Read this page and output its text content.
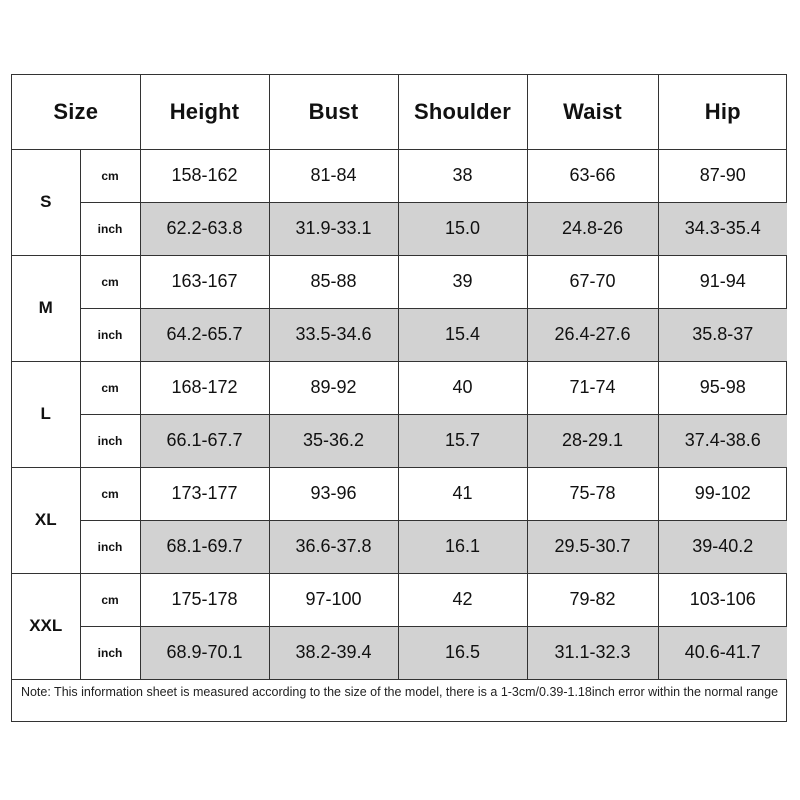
Size		Height	Bust	Shoulder	Waist	Hip
S	cm	158-162	81-84	38	63-66	87-90
	inch	62.2-63.8	31.9-33.1	15.0	24.8-26	34.3-35.4
M	cm	163-167	85-88	39	67-70	91-94
	inch	64.2-65.7	33.5-34.6	15.4	26.4-27.6	35.8-37
L	cm	168-172	89-92	40	71-74	95-98
	inch	66.1-67.7	35-36.2	15.7	28-29.1	37.4-38.6
XL	cm	173-177	93-96	41	75-78	99-102
	inch	68.1-69.7	36.6-37.8	16.1	29.5-30.7	39-40.2
XXL	cm	175-178	97-100	42	79-82	103-106
	inch	68.9-70.1	38.2-39.4	16.5	31.1-32.3	40.6-41.7
Note: This information sheet is measured according to the size of the model, there is a 1-3cm/0.39-1.18inch error within the normal range
